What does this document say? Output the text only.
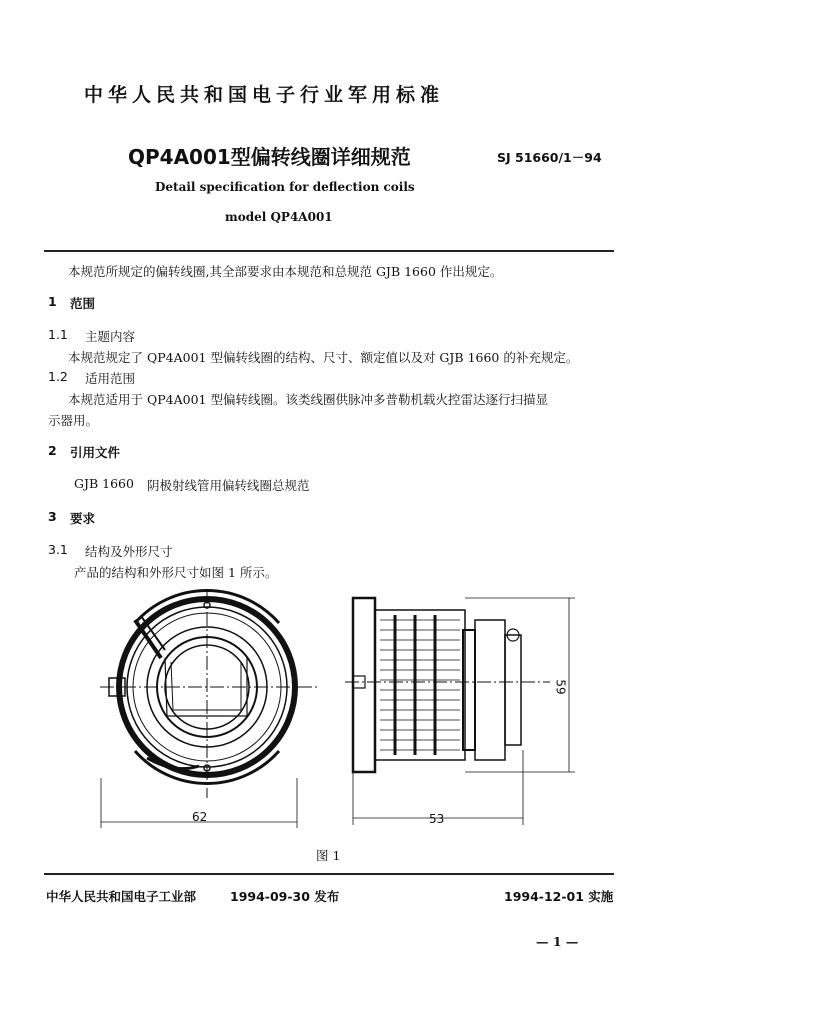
中华人民共和国电子行业军用标准
QP4A001型偏转线圈详细规范	SJ 51660/1－94
Detail specification for deflection coils
model QP4A001
本规范所规定的偏转线圈,其全部要求由本规范和总规范 GJB 1660 作出规定。
1 范围
1.1 主题内容
本规范规定了 QP4A001 型偏转线圈的结构、尺寸、额定值以及对 GJB 1660 的补充规定。
1.2 适用范围
本规范适用于 QP4A001 型偏转线圈。该类线圈供脉冲多普勒机载火控雷达逐行扫描显
示器用。
2 引用文件
GJB 1660 阴极射线管用偏转线圈总规范
3 要求
3.1 结构及外形尺寸
产品的结构和外形尺寸如图 1 所示。
62	53
59
图 1
中华人民共和国电子工业部	1994-09-30 发布	1994-12-01 实施
— 1 —
